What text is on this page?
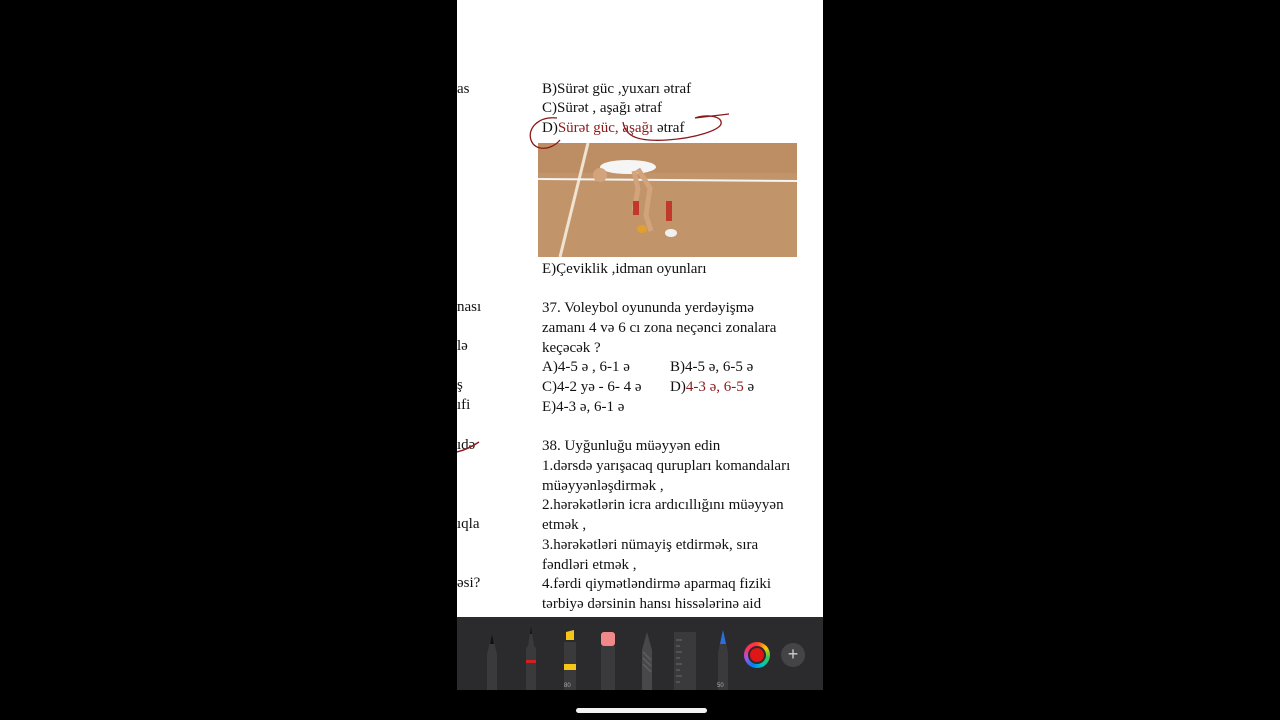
as
nası
lə
ş
ıfi
ıdə
ıqla
əsi?
B)Sürət güc ,yuxarı ətraf
C)Sürət , aşağı ətraf
D)Sürət güc, aşağı ətraf
E)Çeviklik ,idman oyunları
37. Voleybol oyununda yerdəyişmə
zamanı 4 və 6 cı zona neçənci zonalara
keçəcək ?
A)4-5 ə , 6-1 ə	B)4-5 ə, 6-5 ə
C)4-2 yə - 6- 4 ə D)4-3 ə, 6-5 ə
E)4-3 ə, 6-1 ə
38. Uyğunluğu müəyyən edin
1.dərsdə yarışacaq qurupları komandaları
müəyyənləşdirmək ,
2.hərəkətlərin icra ardıcıllığını müəyyən
etmək ,
3.hərəkətləri nümayiş etdirmək, sıra
fəndləri etmək ,
4.fərdi qiymətləndirmə aparmaq fiziki
tərbiyə dərsinin hansı hissələrinə aid
80	50
+
